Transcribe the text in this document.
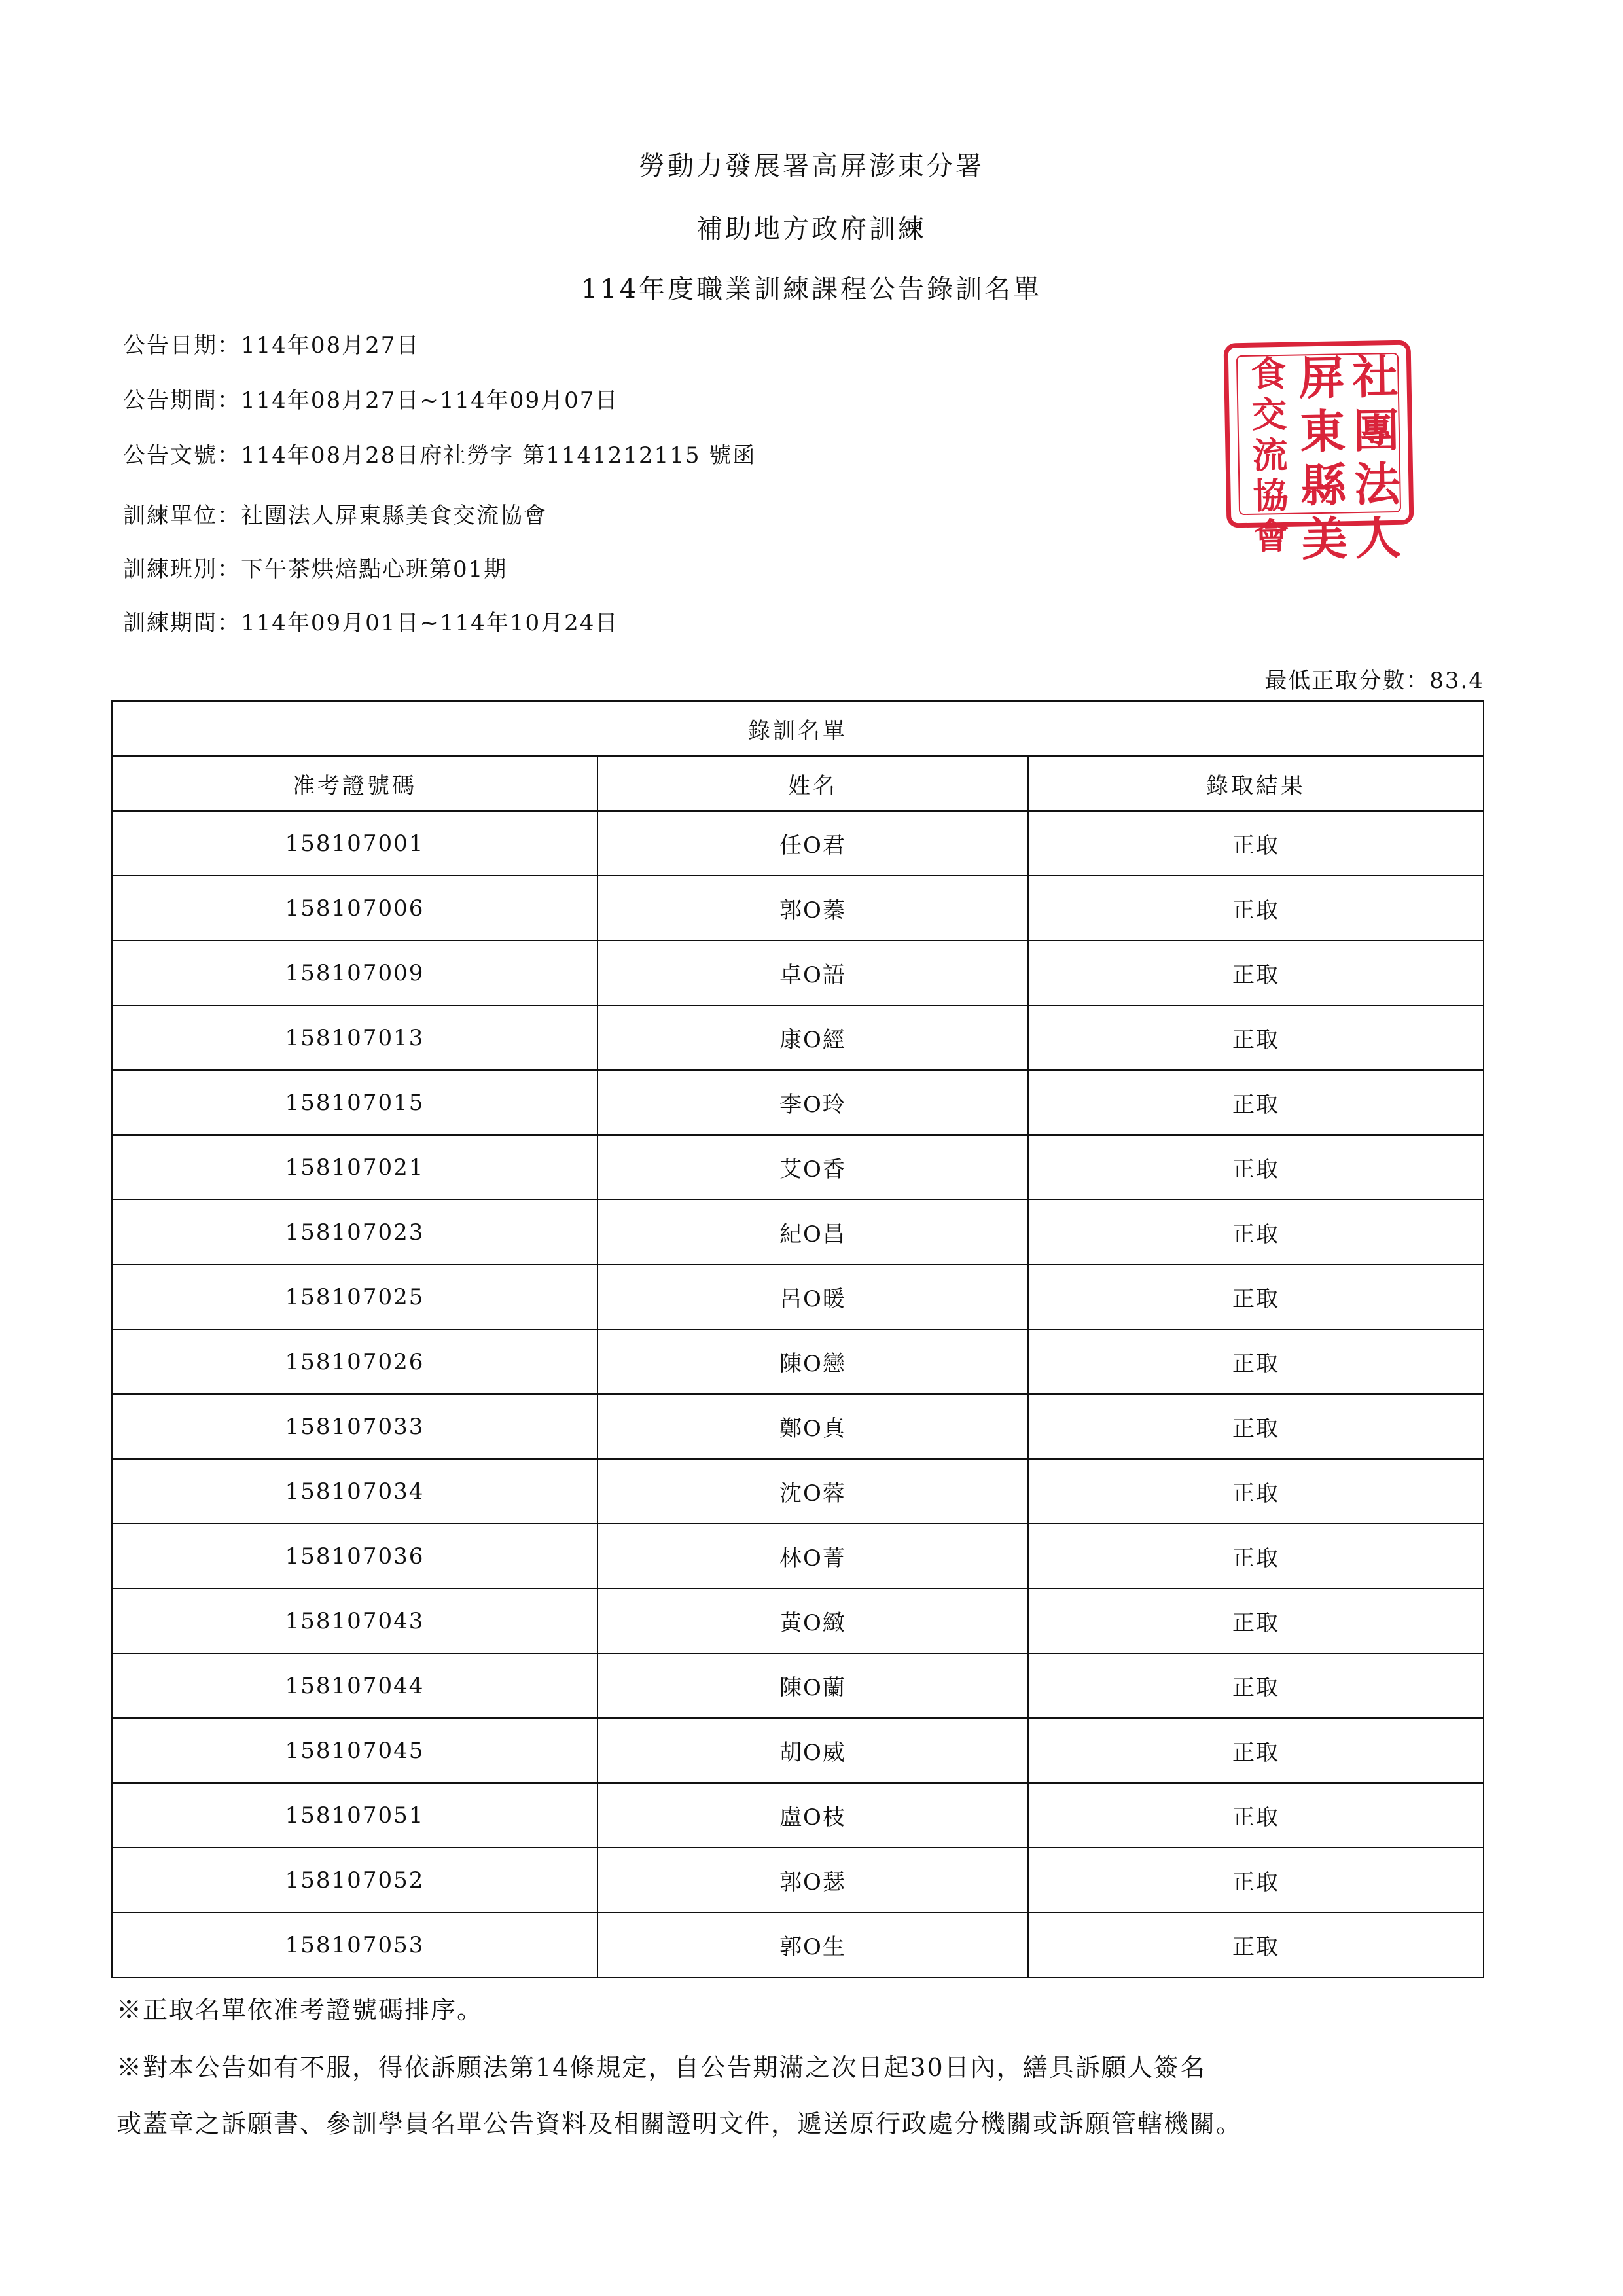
勞動力發展署高屏澎東分署
補助地方政府訓練
114年度職業訓練課程公告錄訓名單
公告日期：114年08月27日
公告期間：114年08月27日~114年09月07日
公告文號：114年08月28日府社勞字 第1141212115 號函
訓練單位：社團法人屏東縣美食交流協會
訓練班別：下午茶烘焙點心班第01期
訓練期間：114年09月01日~114年10月24日
社
團
法
人
屏
東
縣
美
食
交
流
協
會
最低正取分數：83.4
錄訓名單		
准考證號碼	姓名	錄取結果
158107001	任O君	正取
158107006	郭O蓁	正取
158107009	卓O語	正取
158107013	康O經	正取
158107015	李O玲	正取
158107021	艾O香	正取
158107023	紀O昌	正取
158107025	呂O暖	正取
158107026	陳O戀	正取
158107033	鄭O真	正取
158107034	沈O蓉	正取
158107036	林O菁	正取
158107043	黃O緻	正取
158107044	陳O蘭	正取
158107045	胡O威	正取
158107051	盧O枝	正取
158107052	郭O瑟	正取
158107053	郭O生	正取
※正取名單依准考證號碼排序。
※對本公告如有不服，得依訴願法第14條規定，自公告期滿之次日起30日內，繕具訴願人簽名
或蓋章之訴願書、參訓學員名單公告資料及相關證明文件，遞送原行政處分機關或訴願管轄機關。
